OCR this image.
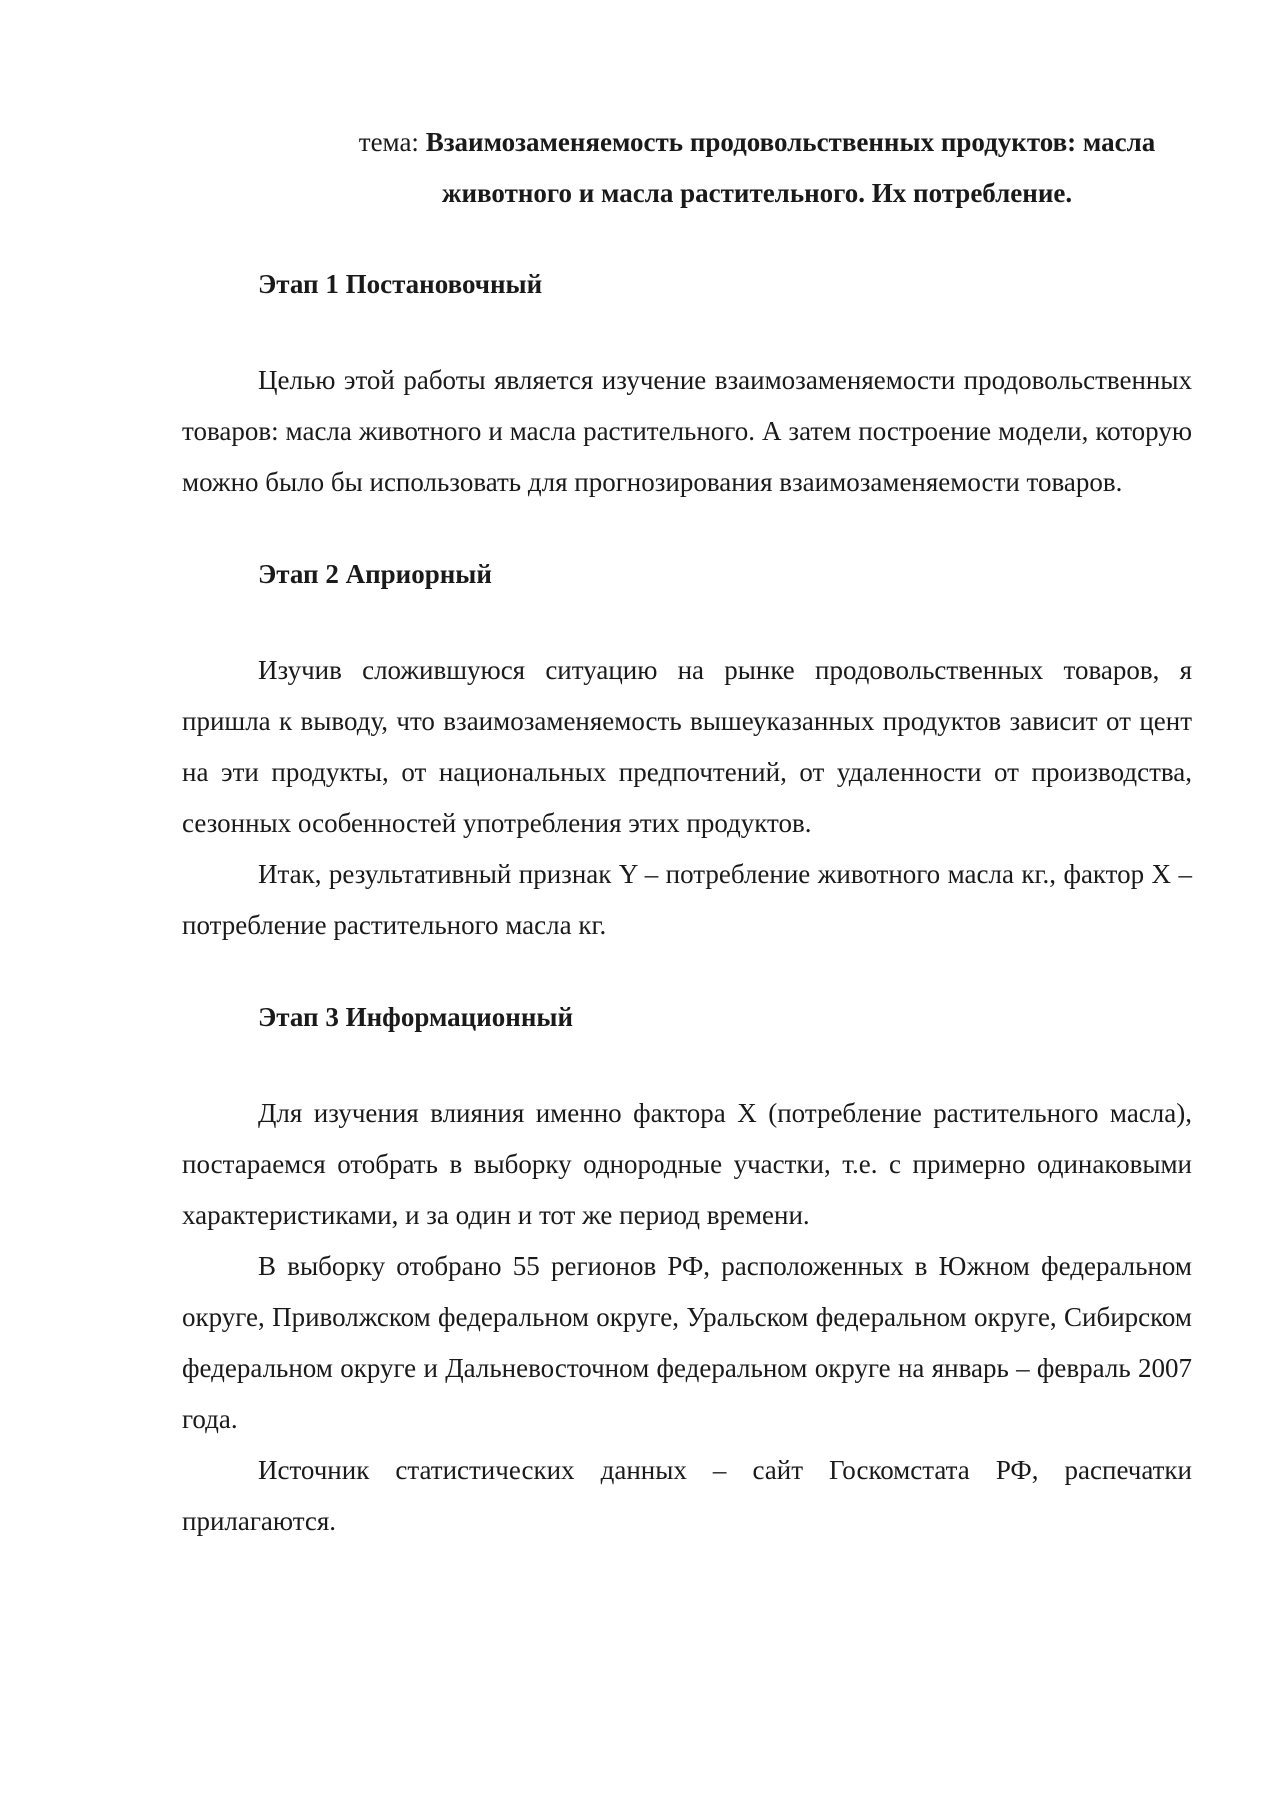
тема: Взаимозаменяемость продовольственных продуктов: масла
животного и масла растительного. Их потребление.
Этап 1 Постановочный

Целью этой работы является изучение взаимозаменяемости продовольственных товаров: масла животного и масла растительного. А затем построение модели, которую можно было бы использовать для прогнозирования взаимозаменяемости товаров.

Этап 2 Априорный

Изучив сложившуюся ситуацию на рынке продовольственных товаров, я пришла к выводу, что взаимозаменяемость вышеуказанных продуктов зависит от цент на эти продукты, от национальных предпочтений, от удаленности от производства, сезонных особенностей употребления этих продуктов.

Итак, результативный признак Y – потребление животного масла кг., фактор X – потребление растительного масла кг.

Этап 3 Информационный

Для изучения влияния именно фактора X (потребление растительного масла), постараемся отобрать в выборку однородные участки, т.е. с примерно одинаковыми характеристиками, и за один и тот же период времени.

В выборку отобрано 55 регионов РФ, расположенных в Южном федеральном округе, Приволжском федеральном округе, Уральском федеральном округе, Сибирском федеральном округе и Дальневосточном федеральном округе на январь – февраль 2007 года.

Источник статистических данных – сайт Госкомстата РФ, распечатки прилагаются.
